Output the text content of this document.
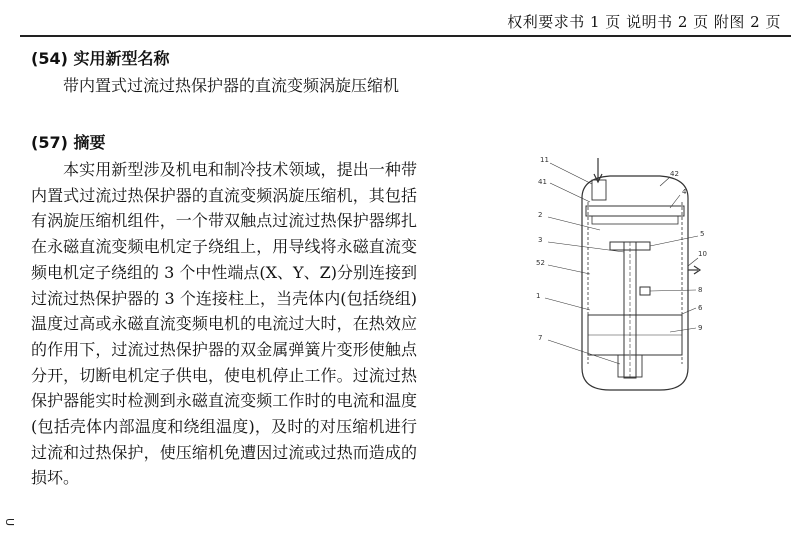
权利要求书 1 页 说明书 2 页 附图 2 页
(54) 实用新型名称
带内置式过流过热保护器的直流变频涡旋压缩机
(57) 摘要
本实用新型涉及机电和制冷技术领域，提出一种带内置式过流过热保护器的直流变频涡旋压缩机，其包括有涡旋压缩机组件，一个带双触点过流过热保护器绑扎在永磁直流变频电机定子绕组上，用导线将永磁直流变频电机定子绕组的 3 个中性端点(X、Y、Z)分别连接到过流过热保护器的 3 个连接柱上，当壳体内(包括绕组)温度过高或永磁直流变频电机的电流过大时，在热效应的作用下，过流过热保护器的双金属弹簧片变形使触点分开，切断电机定子供电，使电机停止工作。过流过热保护器能实时检测到永磁直流变频工作时的电流和温度(包括壳体内部温度和绕组温度)，及时的对压缩机进行过流和过热保护，使压缩机免遭因过流或过热而造成的损坏。
U
11
41
42
4
2
3
5
10
52
8
1
6
9
7
